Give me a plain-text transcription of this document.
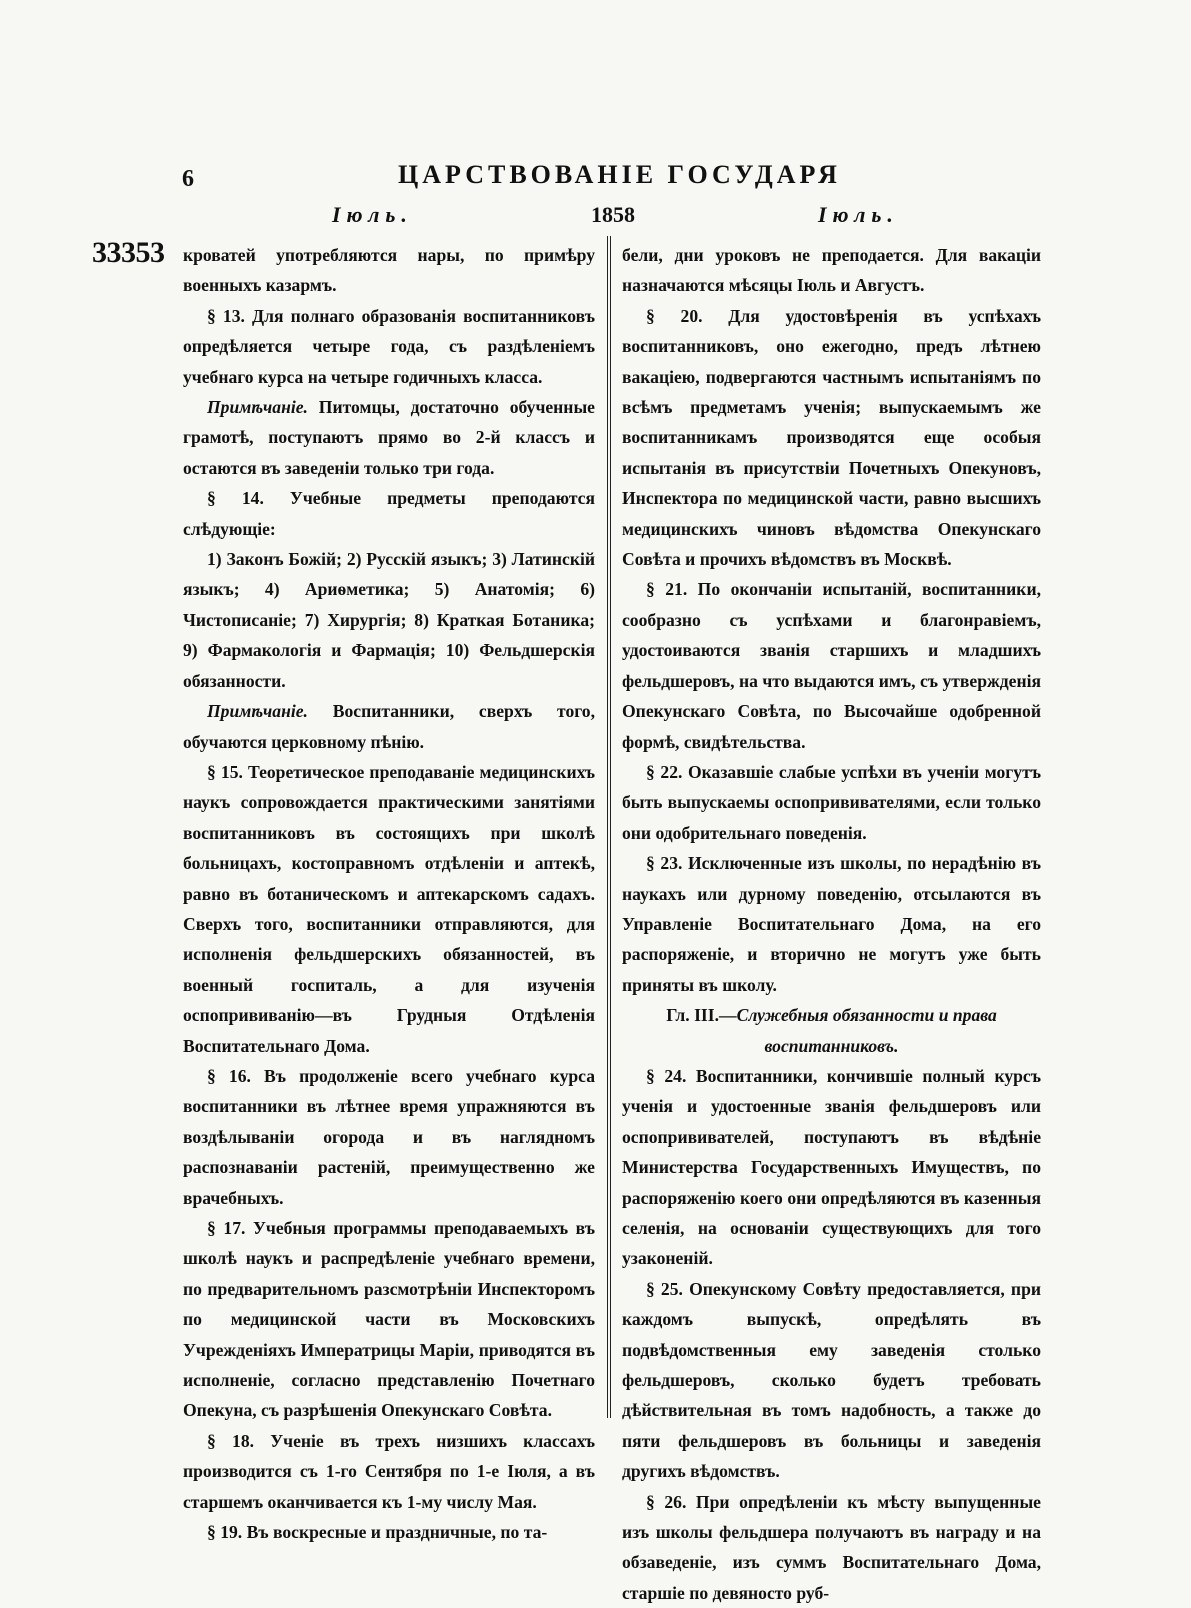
6	ЦАРСТВОВАНІЕ ГОСУДАРЯ
Іюль.	1858	Іюль.
33353 кроватей употребляются нары, по примѣру военныхъ казармъ.

§ 13. Для полнаго образованія воспитанниковъ опредѣляется четыре года, съ раздѣленіемъ учебнаго курса на четыре годичныхъ класса.

Примѣчаніе. Питомцы, достаточно обученные грамотѣ, поступаютъ прямо во 2-й классъ и остаются въ заведеніи только три года.

§ 14. Учебные предметы преподаются слѣдующіе:

1) Законъ Божій; 2) Русскій языкъ; 3) Латинскій языкъ; 4) Ариѳметика; 5) Анатомія; 6) Чистописаніе; 7) Хирургія; 8) Краткая Ботаника; 9) Фармакологія и Фармація; 10) Фельдшерскія обязанности.

Примѣчаніе. Воспитанники, сверхъ того, обучаются церковному пѣнію.

§ 15. Теоретическое преподаваніе медицинскихъ наукъ сопровождается практическими занятіями воспитанниковъ въ состоящихъ при школѣ больницахъ, костоправномъ отдѣленіи и аптекѣ, равно въ ботаническомъ и аптекарскомъ садахъ. Сверхъ того, воспитанники отправляются, для исполненія фельдшерскихъ обязанностей, въ военный госпиталь, а для изученія оспопрививанію—въ Грудныя Отдѣленія Воспитательнаго Дома.

§ 16. Въ продолженіе всего учебнаго курса воспитанники въ лѣтнее время упражняются въ воздѣлываніи огорода и въ наглядномъ распознаваніи растеній, преимущественно же врачебныхъ.

§ 17. Учебныя программы преподаваемыхъ въ школѣ наукъ и распредѣленіе учебнаго времени, по предварительномъ разсмотрѣніи Инспекторомъ по медицинской части въ Московскихъ Учрежденіяхъ Императрицы Маріи, приводятся въ исполненіе, согласно представленію Почетнаго Опекуна, съ разрѣшенія Опекунскаго Совѣта.

§ 18. Ученіе въ трехъ низшихъ классахъ производится съ 1-го Сентября по 1-е Іюля, а въ старшемъ оканчивается къ 1-му числу Мая.

§ 19. Въ воскресные и праздничные, по та-

бели, дни уроковъ не преподается. Для вакаціи назначаются мѣсяцы Іюль и Августъ.

§ 20. Для удостовѣренія въ успѣхахъ воспитанниковъ, оно ежегодно, предъ лѣтнею вакаціею, подвергаются частнымъ испытаніямъ по всѣмъ предметамъ ученія; выпускаемымъ же воспитанникамъ производятся еще особыя испытанія въ присутствіи Почетныхъ Опекуновъ, Инспектора по медицинской части, равно высшихъ медицинскихъ чиновъ вѣдомства Опекунскаго Совѣта и прочихъ вѣдомствъ въ Москвѣ.

§ 21. По окончаніи испытаній, воспитанники, сообразно съ успѣхами и благонравіемъ, удостоиваются званія старшихъ и младшихъ фельдшеровъ, на что выдаются имъ, съ утвержденія Опекунскаго Совѣта, по Высочайше одобренной формѣ, свидѣтельства.

§ 22. Оказавшіе слабые успѣхи въ ученіи могутъ быть выпускаемы оспопрививателями, если только они одобрительнаго поведенія.

§ 23. Исключенные изъ школы, по нерадѣнію въ наукахъ или дурному поведенію, отсылаются въ Управленіе Воспитательнаго Дома, на его распоряженіе, и вторично не могутъ уже быть приняты въ школу.

Гл. III.—Служебныя обязанности и права воспитанниковъ.

§ 24. Воспитанники, кончившіе полный курсъ ученія и удостоенные званія фельдшеровъ или оспопрививателей, поступаютъ въ вѣдѣніе Министерства Государственныхъ Имуществъ, по распоряженію коего они опредѣляются въ казенныя селенія, на основаніи существующихъ для того узаконеній.

§ 25. Опекунскому Совѣту предоставляется, при каждомъ выпускѣ, опредѣлять въ подвѣдомственныя ему заведенія столько фельдшеровъ, сколько будетъ требовать дѣйствительная въ томъ надобность, а также до пяти фельдшеровъ въ больницы и заведенія другихъ вѣдомствъ.

§ 26. При опредѣленіи къ мѣсту выпущенные изъ школы фельдшера получаютъ въ награду и на обзаведеніе, изъ суммъ Воспитательнаго Дома, старшіе по девяносто руб-
